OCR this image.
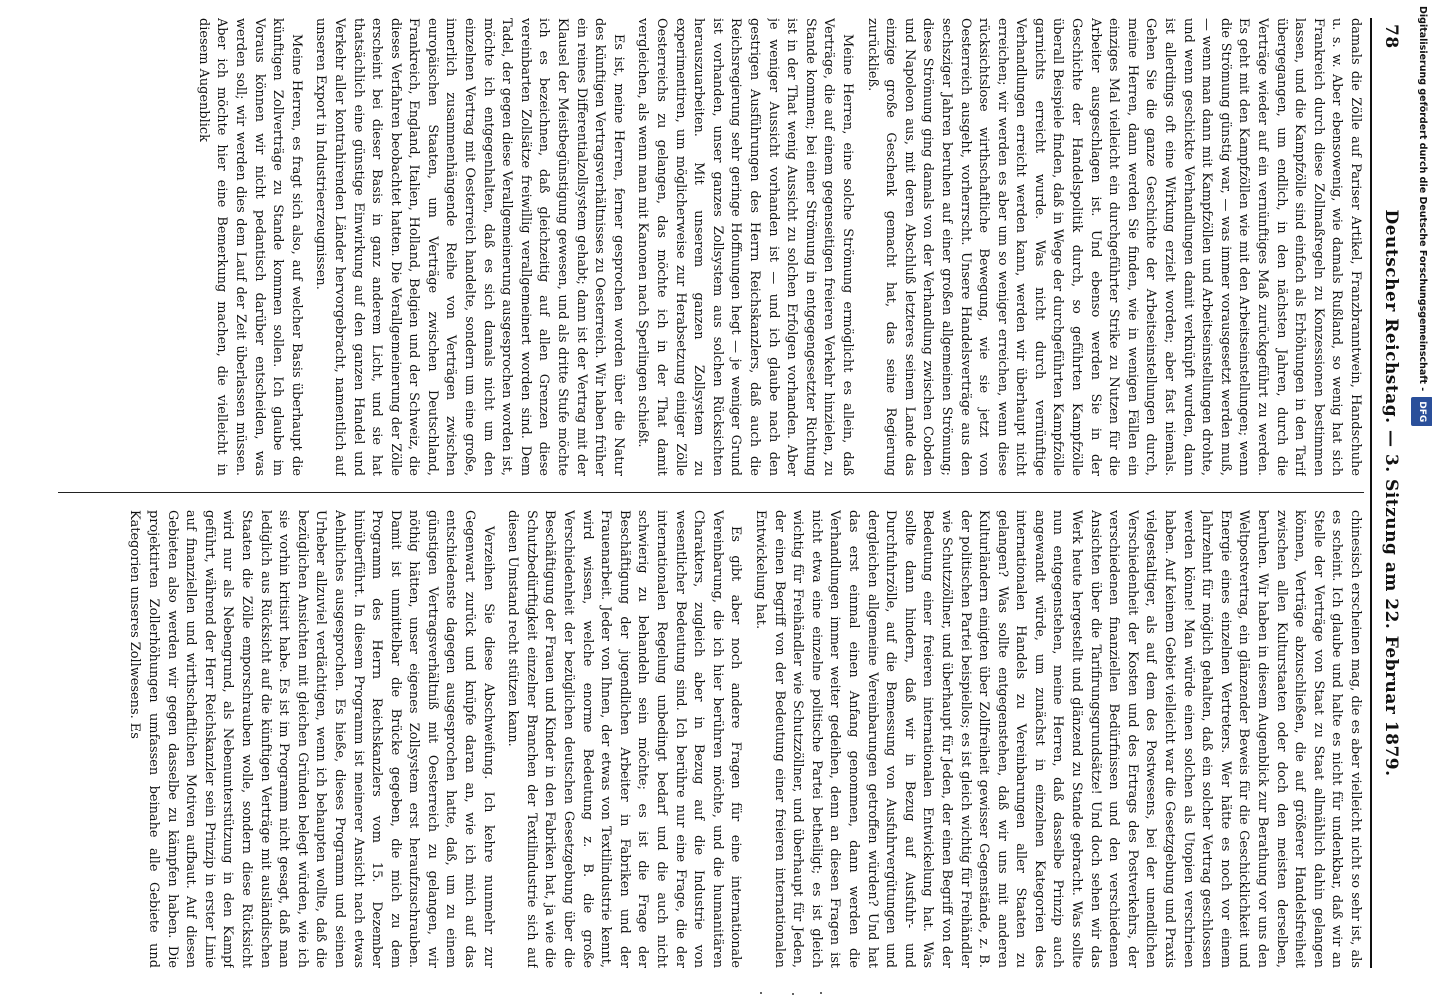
78
Deutscher Reichstag. — 3. Sitzung am 22. Februar 1879.

damals die Zölle auf Pariser Artikel, Franzbranntwein, Handschuhe u. s. w. Aber ebensowenig, wie damals Rußland, so wenig hat sich Frankreich durch diese Zollmaßregeln zu Konzessionen bestimmen lassen, und die Kampfzölle sind einfach als Erhöhungen in den Tarif übergegangen, um endlich, in den nächsten Jahren, durch die Verträge wieder auf ein vernünftiges Maß zurückgeführt zu werden. Es geht mit den Kampfzöllen wie mit den Arbeitseinstellungen; wenn die Strömung günstig war, — was immer vorausgesetzt werden muß, — wenn man dann mit Kampfzöllen und Arbeitseinstellungen drohte, und wenn geschickte Verhandlungen damit verknüpft wurden, dann ist allerdings oft eine Wirkung erzielt worden; aber fast niemals. Gehen Sie die ganze Geschichte der Arbeitseinstellungen durch, meine Herren, dann werden Sie finden, wie in wenigen Fällen ein einziges Mal vielleicht ein durchgeführter Strike zu Nutzen für die Arbeiter ausgeschlagen ist. Und ebenso werden Sie in der Geschichte der Handelspolitik durch, so geführten Kampfzölle überall Beispiele finden, daß in Wege der durchgeführten Kampfzölle garnichts erreicht wurde. Was nicht durch vernünftige Verhandlungen erreicht werden kann, werden wir überhaupt nicht erreichen; wir werden es aber um so weniger erreichen, wenn diese rücksichtslose wirthschaftliche Bewegung, wie sie jetzt von Oesterreich ausgeht, vorherrscht. Unsere Handelsverträge aus den sechsziger Jahren beruhen auf einer großen allgemeinen Strömung; diese Strömung ging damals von der Verhandlung zwischen Cobden und Napoleon aus, mit deren Abschluß letzteres seinem Lande das einzige große Geschenk gemacht hat, das seine Regierung zurückließ.

Meine Herren, eine solche Strömung ermöglicht es allein, daß Verträge, die auf einem gegenseitigen freieren Verkehr hinzielen, zu Stande kommen; bei einer Strömung in entgegengesetzter Richtung ist in der That wenig Aussicht zu solchen Erfolgen vorhanden. Aber je weniger Aussicht vorhanden ist — und ich glaube nach den gestrigen Ausführungen des Herrn Reichskanzlers, daß auch die Reichsregierung sehr geringe Hoffnungen hegt — je weniger Grund ist vorhanden, unser ganzes Zollsystem aus solchen Rücksichten herauszuarbeiten. Mit unserem ganzen Zollsystem zu experimentiren, um möglicherweise zur Herabsetzung einiger Zölle Oesterreichs zu gelangen, das möchte ich in der That damit vergleichen, als wenn man mit Kanonen nach Sperlingen schießt.

Es ist, meine Herren, ferner gesprochen worden über die Natur des künftigen Vertragsverhältnisses zu Oesterreich. Wir haben früher ein reines Differentialzollsystem gehabt; dann ist der Vertrag mit der Klausel der Meistbegünstigung gewesen, und als dritte Stufe möchte ich es bezeichnen, daß gleichzeitig auf allen Grenzen diese vereinbarten Zollsätze freiwillig verallgemeinert worden sind. Dem Tadel, der gegen diese Verallgemeinerung ausgesprochen worden ist, möchte ich entgegenhalten, daß es sich damals nicht um den einzelnen Vertrag mit Oesterreich handelte, sondern um eine große, innerlich zusammenhängende Reihe von Verträgen zwischen europäischen Staaten, um Verträge zwischen Deutschland, Frankreich, England, Italien, Holland, Belgien und der Schweiz, die dieses Verfahren beobachtet hatten. Die Verallgemeinerung der Zölle erscheint bei dieser Basis in ganz anderem Licht, und sie hat thatsächlich eine günstige Einwirkung auf den ganzen Handel und Verkehr aller kontrahirenden Länder hervorgebracht, namentlich auf unseren Export in Industrieerzeugnissen.

Meine Herren, es fragt sich also, auf welcher Basis überhaupt die künftigen Zollverträge zu Stande kommen sollen. Ich glaube im Voraus können wir nicht pedantisch darüber entscheiden, was werden soll; wir werden dies dem Lauf der Zeit überlassen müssen. Aber ich möchte hier eine Bemerkung machen, die vielleicht in diesem Augenblick

chinesisch erscheinen mag, die es aber vielleicht nicht so sehr ist, als es scheint. Ich glaube und halte es nicht für undenkbar, daß wir an Stelle der Verträge von Staat zu Staat allmählich dahin gelangen können, Verträge abzuschließen, die auf größerer Handelsfreiheit zwischen allen Kulturstaaten oder doch den meisten derselben, beruhen. Wir haben in diesem Augenblick zur Berathung vor uns den Weltpostvertrag, ein glänzender Beweis für die Geschicklichkeit und Energie eines einzelnen Vertreters. Wer hätte es noch vor einem Jahrzehnt für möglich gehalten, daß ein solcher Vertrag geschlossen werden könne! Man würde einen solchen als Utopien verschrieen haben. Auf keinem Gebiet vielleicht war die Gesetzgebung und Praxis vielgestaltiger, als auf dem des Postwesens, bei der unendlichen Verschiedenheit der Kosten und des Ertrags des Postverkehrs, der verschiedenen finanziellen Bedürfnissen und den verschiedenen Ansichten über die Tarifirungsgrundsätze! Und doch sehen wir das Werk heute hergestellt und glänzend zu Stande gebracht. Was sollte nun entgegenstehen, meine Herren, daß dasselbe Prinzip auch angewandt würde, um zunächst in einzelnen Kategorien des internationalen Handels zu Vereinbarungen aller Staaten zu gelangen? Was sollte entgegenstehen, daß wir uns mit anderen Kulturländern einigten über Zollfreiheit gewisser Gegenstände, z. B. der politischen Partei beispiellos; es ist gleich wichtig für Freihändler wie Schutzzöllner, und überhaupt für Jeden, der einen Begriff von der Bedeutung einer freieren internationalen Entwickelung hat. Was sollte dann hindern, daß wir in Bezug auf Ausfuhr- und Durchfuhrzölle, auf die Bemessung von Ausfuhrvergütungen und dergleichen allgemeine Vereinbarungen getroffen würden? Und hat das erst einmal einen Anfang genommen, dann werden die Verhandlungen immer weiter gedeihen, denn an diesen Fragen ist nicht etwa eine einzelne politische Partei betheiligt; es ist gleich wichtig für Freihändler wie Schutzzöllner, und überhaupt für Jeden, der einen Begriff von der Bedeutung einer freieren internationalen Entwickelung hat.

Es gibt aber noch andere Fragen für eine internationale Vereinbarung, die ich hier berühren möchte, und die humanitären Charakters, zugleich aber in Bezug auf die Industrie von wesentlicher Bedeutung sind. Ich berühre nur eine Frage, die der internationalen Regelung unbedingt bedarf und die auch nicht schwierig zu behandeln sein möchte; es ist die Frage der Beschäftigung der jugendlichen Arbeiter in Fabriken und der Frauenarbeit. Jeder von Ihnen, der etwas von Textilindustrie kennt, wird wissen, welche enorme Bedeutung z. B. die große Verschiedenheit der bezüglichen deutschen Gesetzgebung über die Beschäftigung der Frauen und Kinder in den Fabriken hat, ja wie die Schutzbedürftigkeit einzelner Branchen der Textilindustrie sich auf diesen Umstand recht stützen kann.

Verzeihen Sie diese Abschweifung. Ich kehre nunmehr zur Gegenwart zurück und knüpfe daran an, wie ich mich auf das entschiedenste dagegen ausgesprochen hatte, daß, um zu einem günstigen Vertragsverhältniß mit Oesterreich zu gelangen, wir nöthig hätten, unser eigenes Zollsystem erst heraufzuschrauben. Damit ist unmittelbar die Brücke gegeben, die mich zu dem Programm des Herrn Reichskanzlers vom 15. Dezember hinüberführt. In diesem Programm ist meinerer Ansicht nach etwas Aehnliches ausgesprochen. Es hieße, dieses Programm und seinen Urheber allzuviel verdächtigen, wenn ich behaupten wollte, daß die bezüglichen Ansichten mit gleichen Gründen belegt würden, wie ich sie vorhin kritisirt habe. Es ist im Programm nicht gesagt, daß man lediglich aus Rücksicht auf die künftigen Verträge mit ausländischen Staaten die Zölle emporschrauben wolle, sondern diese Rücksicht wird nur als Nebengrund, als Nebenunterstützung in den Kampf geführt, während der Herr Reichskanzler sein Prinzip in erster Linie auf finanziellen und wirthschaftlichen Motiven aufbaut. Auf diesen Gebieten also werden wir gegen dasselbe zu kämpfen haben. Die projektirten Zollerhöhungen umfassen beinahe alle Gebiete und Kategorien unseres Zollwesens. Es

Digitalisierung gefördert durch die Deutsche Forschungsgemeinschaft -
DFG
